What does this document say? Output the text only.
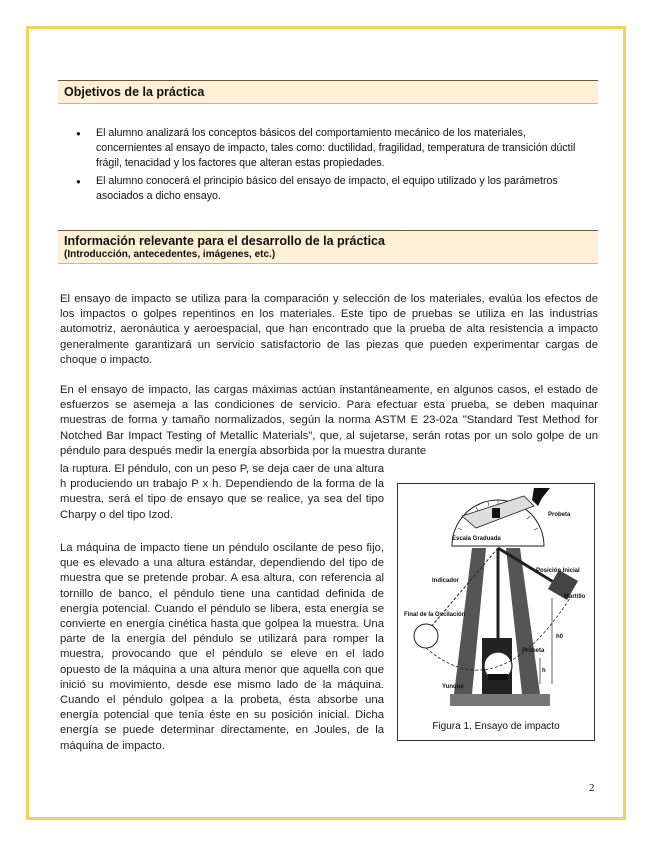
Objetivos de la práctica
● El alumno analizará los conceptos básicos del comportamiento mecánico de los materiales, concernientes al ensayo de impacto, tales como: ductilidad, fragilidad, temperatura de transición dúctil frágil, tenacidad y los factores que alteran estas propiedades.
● El alumno conocerá el principio básico del ensayo de impacto, el equipo utilizado y los parámetros asociados a dicho ensayo.
Información relevante para el desarrollo de la práctica
(Introducción, antecedentes, imágenes, etc.)

El ensayo de impacto se utiliza para la comparación y selección de los materiales, evalúa los efectos de los impactos o golpes repentinos en los materiales. Este tipo de pruebas se utiliza en las industrias automotriz, aeronáutica y aeroespacial, que han encontrado que la prueba de alta resistencia a impacto generalmente garantizará un servicio satisfactorio de las piezas que pueden experimentar cargas de choque o impacto.

En el ensayo de impacto, las cargas máximas actúan instantáneamente, en algunos casos, el estado de esfuerzos se asemeja a las condiciones de servicio. Para efectuar esta prueba, se deben maquinar muestras de forma y tamaño normalizados, según la norma ASTM E 23-02a "Standard Test Method for Notched Bar Impact Testing of Metallic Materials", que, al sujetarse, serán rotas por un solo golpe de un péndulo para después medir la energía absorbida por la muestra durante

la ruptura. El péndulo, con un peso P, se deja caer de una altura h produciendo un trabajo P x h. Dependiendo de la forma de la muestra, será el tipo de ensayo que se realice, ya sea del tipo Charpy o del tipo Izod.

La máquina de impacto tiene un péndulo oscilante de peso fijo, que es elevado a una altura estándar, dependiendo del tipo de muestra que se pretende probar. A esa altura, con referencia al tornillo de banco, el péndulo tiene una cantidad definida de energía potencial. Cuando el péndulo se libera, esta energía se convierte en energía cinética hasta que golpea la muestra. Una parte de la energía del péndulo se utilizará para romper la muestra, provocando que el péndulo se eleve en el lado opuesto de la máquina a una altura menor que aquella con que inició su movimiento, desde ese mismo lado de la máquina. Cuando el péndulo golpea a la probeta, ésta absorbe una energía potencial que tenía éste en su posición inicial. Dicha energía se puede determinar directamente, en Joules, de la máquina de impacto.

Probeta
Escala Graduada
Posición Inicial
Indicador
Martillo
Final de la Oscilación
h0
Probeta
h
Yunque
Figura 1. Ensayo de impacto
2
